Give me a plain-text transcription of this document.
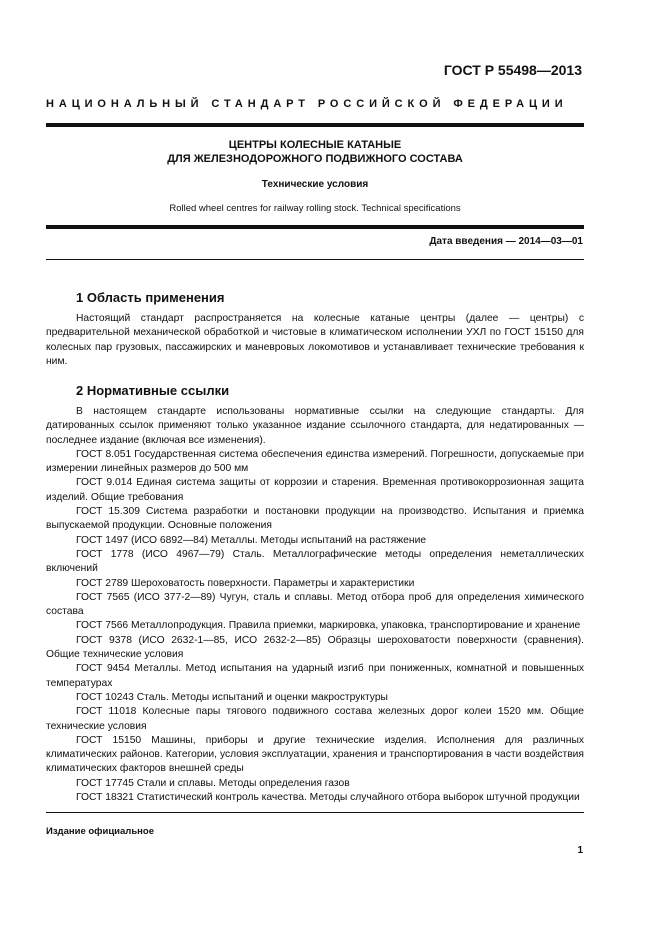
ГОСТ Р 55498—2013
НАЦИОНАЛЬНЫЙ СТАНДАРТ РОССИЙСКОЙ ФЕДЕРАЦИИ
ЦЕНТРЫ КОЛЕСНЫЕ КАТАНЫЕ
ДЛЯ ЖЕЛЕЗНОДОРОЖНОГО ПОДВИЖНОГО СОСТАВА
Технические условия
Rolled wheel centres for railway rolling stock. Technical specifications
Дата введения — 2014—03—01
1 Область применения

Настоящий стандарт распространяется на колесные катаные центры (далее — центры) с предварительной механической обработкой и чистовые в климатическом исполнении УХЛ по ГОСТ 15150 для колесных пар грузовых, пассажирских и маневровых локомотивов и устанавливает технические требования к ним.

2 Нормативные ссылки

В настоящем стандарте использованы нормативные ссылки на следующие стандарты. Для датированных ссылок применяют только указанное издание ссылочного стандарта, для недатированных — последнее издание (включая все изменения).

ГОСТ 8.051 Государственная система обеспечения единства измерений. Погрешности, допускаемые при измерении линейных размеров до 500 мм

ГОСТ 9.014 Единая система защиты от коррозии и старения. Временная противокоррозионная защита изделий. Общие требования

ГОСТ 15.309 Система разработки и постановки продукции на производство. Испытания и приемка выпускаемой продукции. Основные положения

ГОСТ 1497 (ИСО 6892—84) Металлы. Методы испытаний на растяжение

ГОСТ 1778 (ИСО 4967—79) Сталь. Металлографические методы определения неметаллических включений

ГОСТ 2789 Шероховатость поверхности. Параметры и характеристики

ГОСТ 7565 (ИСО 377-2—89) Чугун, сталь и сплавы. Метод отбора проб для определения химического состава

ГОСТ 7566 Металлопродукция. Правила приемки, маркировка, упаковка, транспортирование и хранение

ГОСТ 9378 (ИСО 2632-1—85, ИСО 2632-2—85) Образцы шероховатости поверхности (сравнения). Общие технические условия

ГОСТ 9454 Металлы. Метод испытания на ударный изгиб при пониженных, комнатной и повышенных температурах

ГОСТ 10243 Сталь. Методы испытаний и оценки макроструктуры

ГОСТ 11018 Колесные пары тягового подвижного состава железных дорог колеи 1520 мм. Общие технические условия

ГОСТ 15150 Машины, приборы и другие технические изделия. Исполнения для различных климатических районов. Категории, условия эксплуатации, хранения и транспортирования в части воздействия климатических факторов внешней среды

ГОСТ 17745 Стали и сплавы. Методы определения газов

ГОСТ 18321 Статистический контроль качества. Методы случайного отбора выборок штучной продукции

Издание официальное
1
